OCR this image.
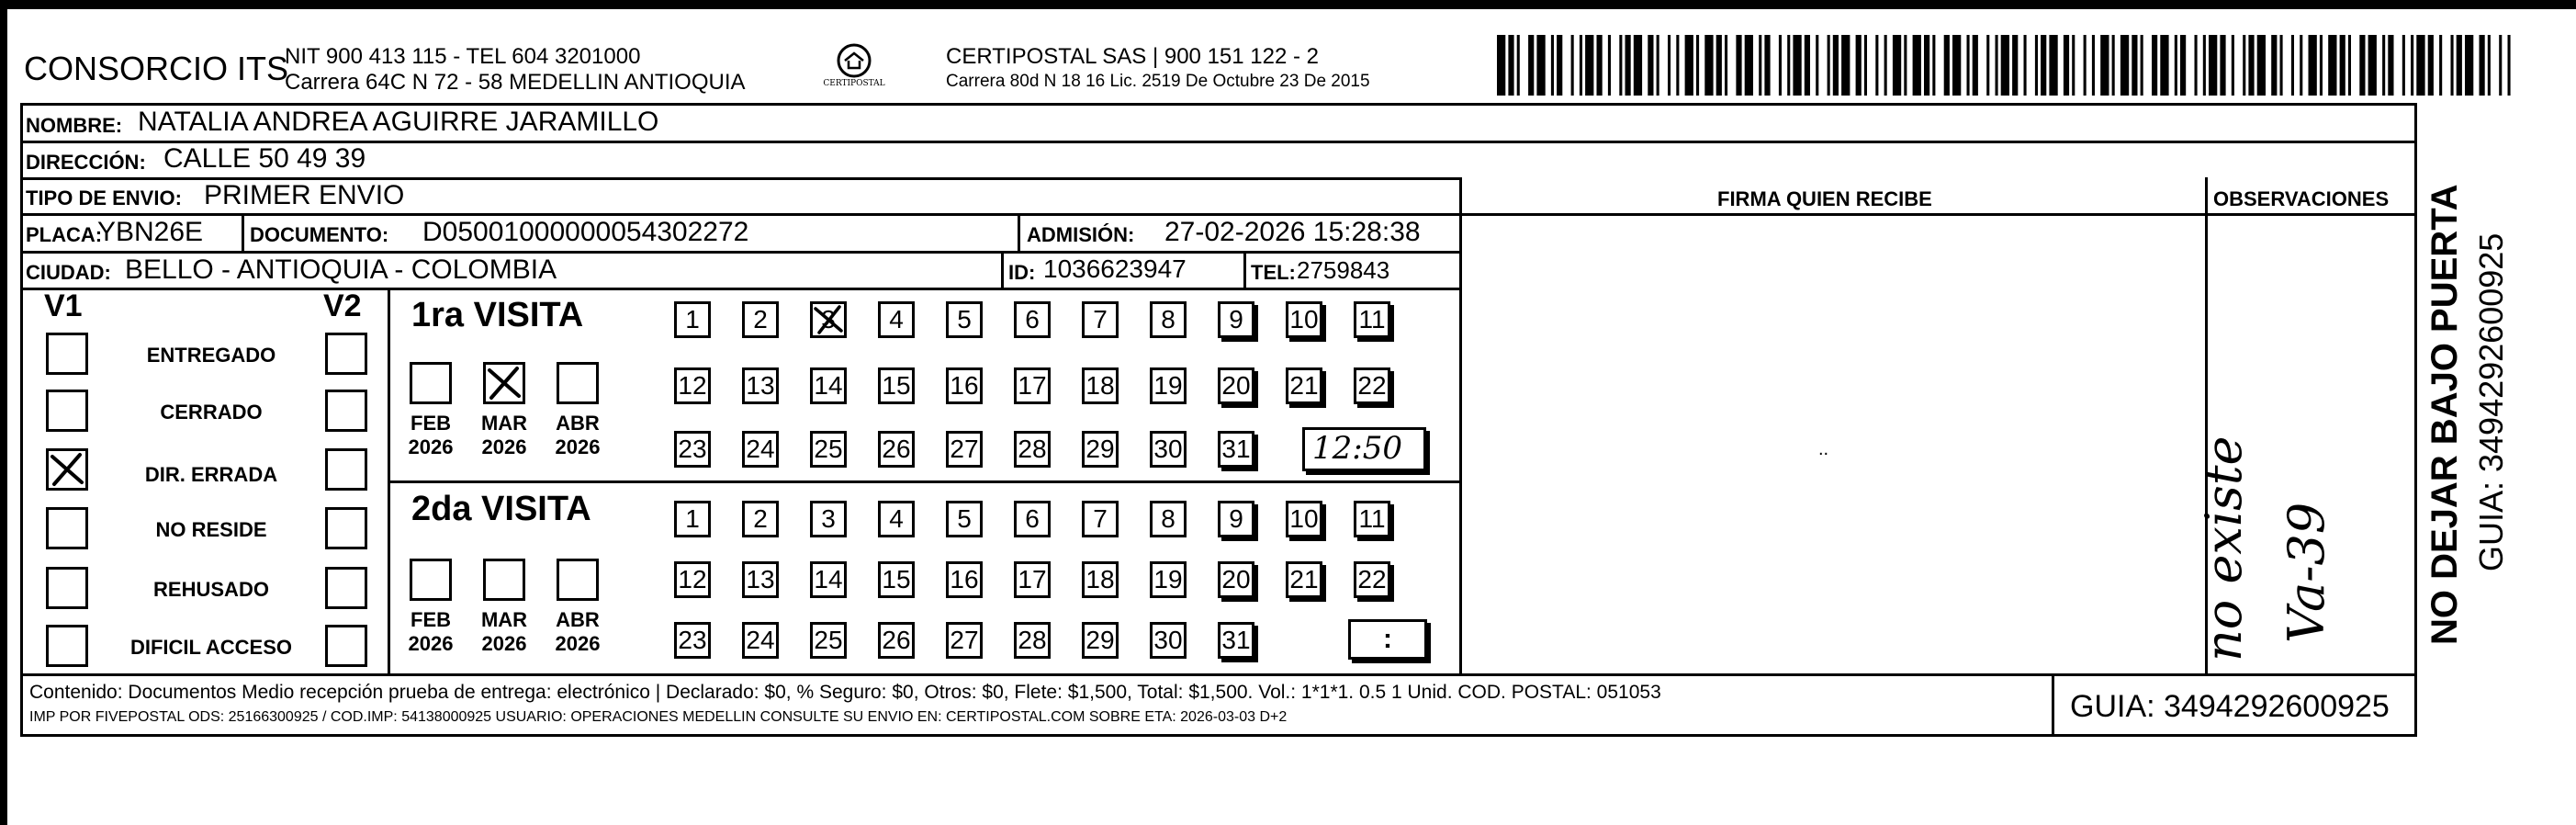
CONSORCIO ITS
NIT 900 413 115 - TEL 604 3201000
Carrera 64C N 72 - 58 MEDELLIN ANTIOQUIA	CERTIPOSTAL
CERTIPOSTAL SAS | 900 151 122 - 2
Carrera 80d N 18 16 Lic. 2519 De Octubre 23 De 2015
NOMBRE: NATALIA ANDREA AGUIRRE JARAMILLO
DIRECCIÓN: CALLE 50 49 39
TIPO DE ENVIO: PRIMER ENVIO	FIRMA QUIEN RECIBE	OBSERVACIONES
PLACA:
YBN26E DOCUMENTO: D05001000000054302272	ADMISIÓN: 27-02-2026 15:28:38
CIUDAD: BELLO - ANTIOQUIA - COLOMBIA	ID: 1036623947	TEL: 2759843
V1	V2
ENTREGADO
CERRADO
DIR. ERRADA
NO RESIDE
REHUSADO
DIFICIL ACCESO
1ra VISITA
2da VISITA
FEB
2026
MAR
2026
ABR
2026
FEB
2026
MAR
2026
ABR
2026
1	2	3	4	5	6	7	8	9	10 11
12 13 14 15 16 17 18 19 20 21 22
23 24 25 26 27 28 29 30 31
1	2	3	4	5	6	7	8	9	10 11
12 13 14 15 16 17 18 19 20 21 22
23 24 25 26 27 28 29 30 31
12:50
:
..	no existe Va-39 NO DEJAR BAJO PUERTA GUIA: 3494292600925
Contenido: Documentos Medio recepción prueba de entrega: electrónico | Declarado: $0, % Seguro: $0, Otros: $0, Flete: $1,500, Total: $1,500. Vol.: 1*1*1. 0.5 1 Unid. COD. POSTAL: 051053
IMP POR FIVEPOSTAL ODS: 25166300925 / COD.IMP: 54138000925 USUARIO: OPERACIONES MEDELLIN CONSULTE SU ENVIO EN: CERTIPOSTAL.COM SOBRE ETA: 2026-03-03 D+2	GUIA: 3494292600925
